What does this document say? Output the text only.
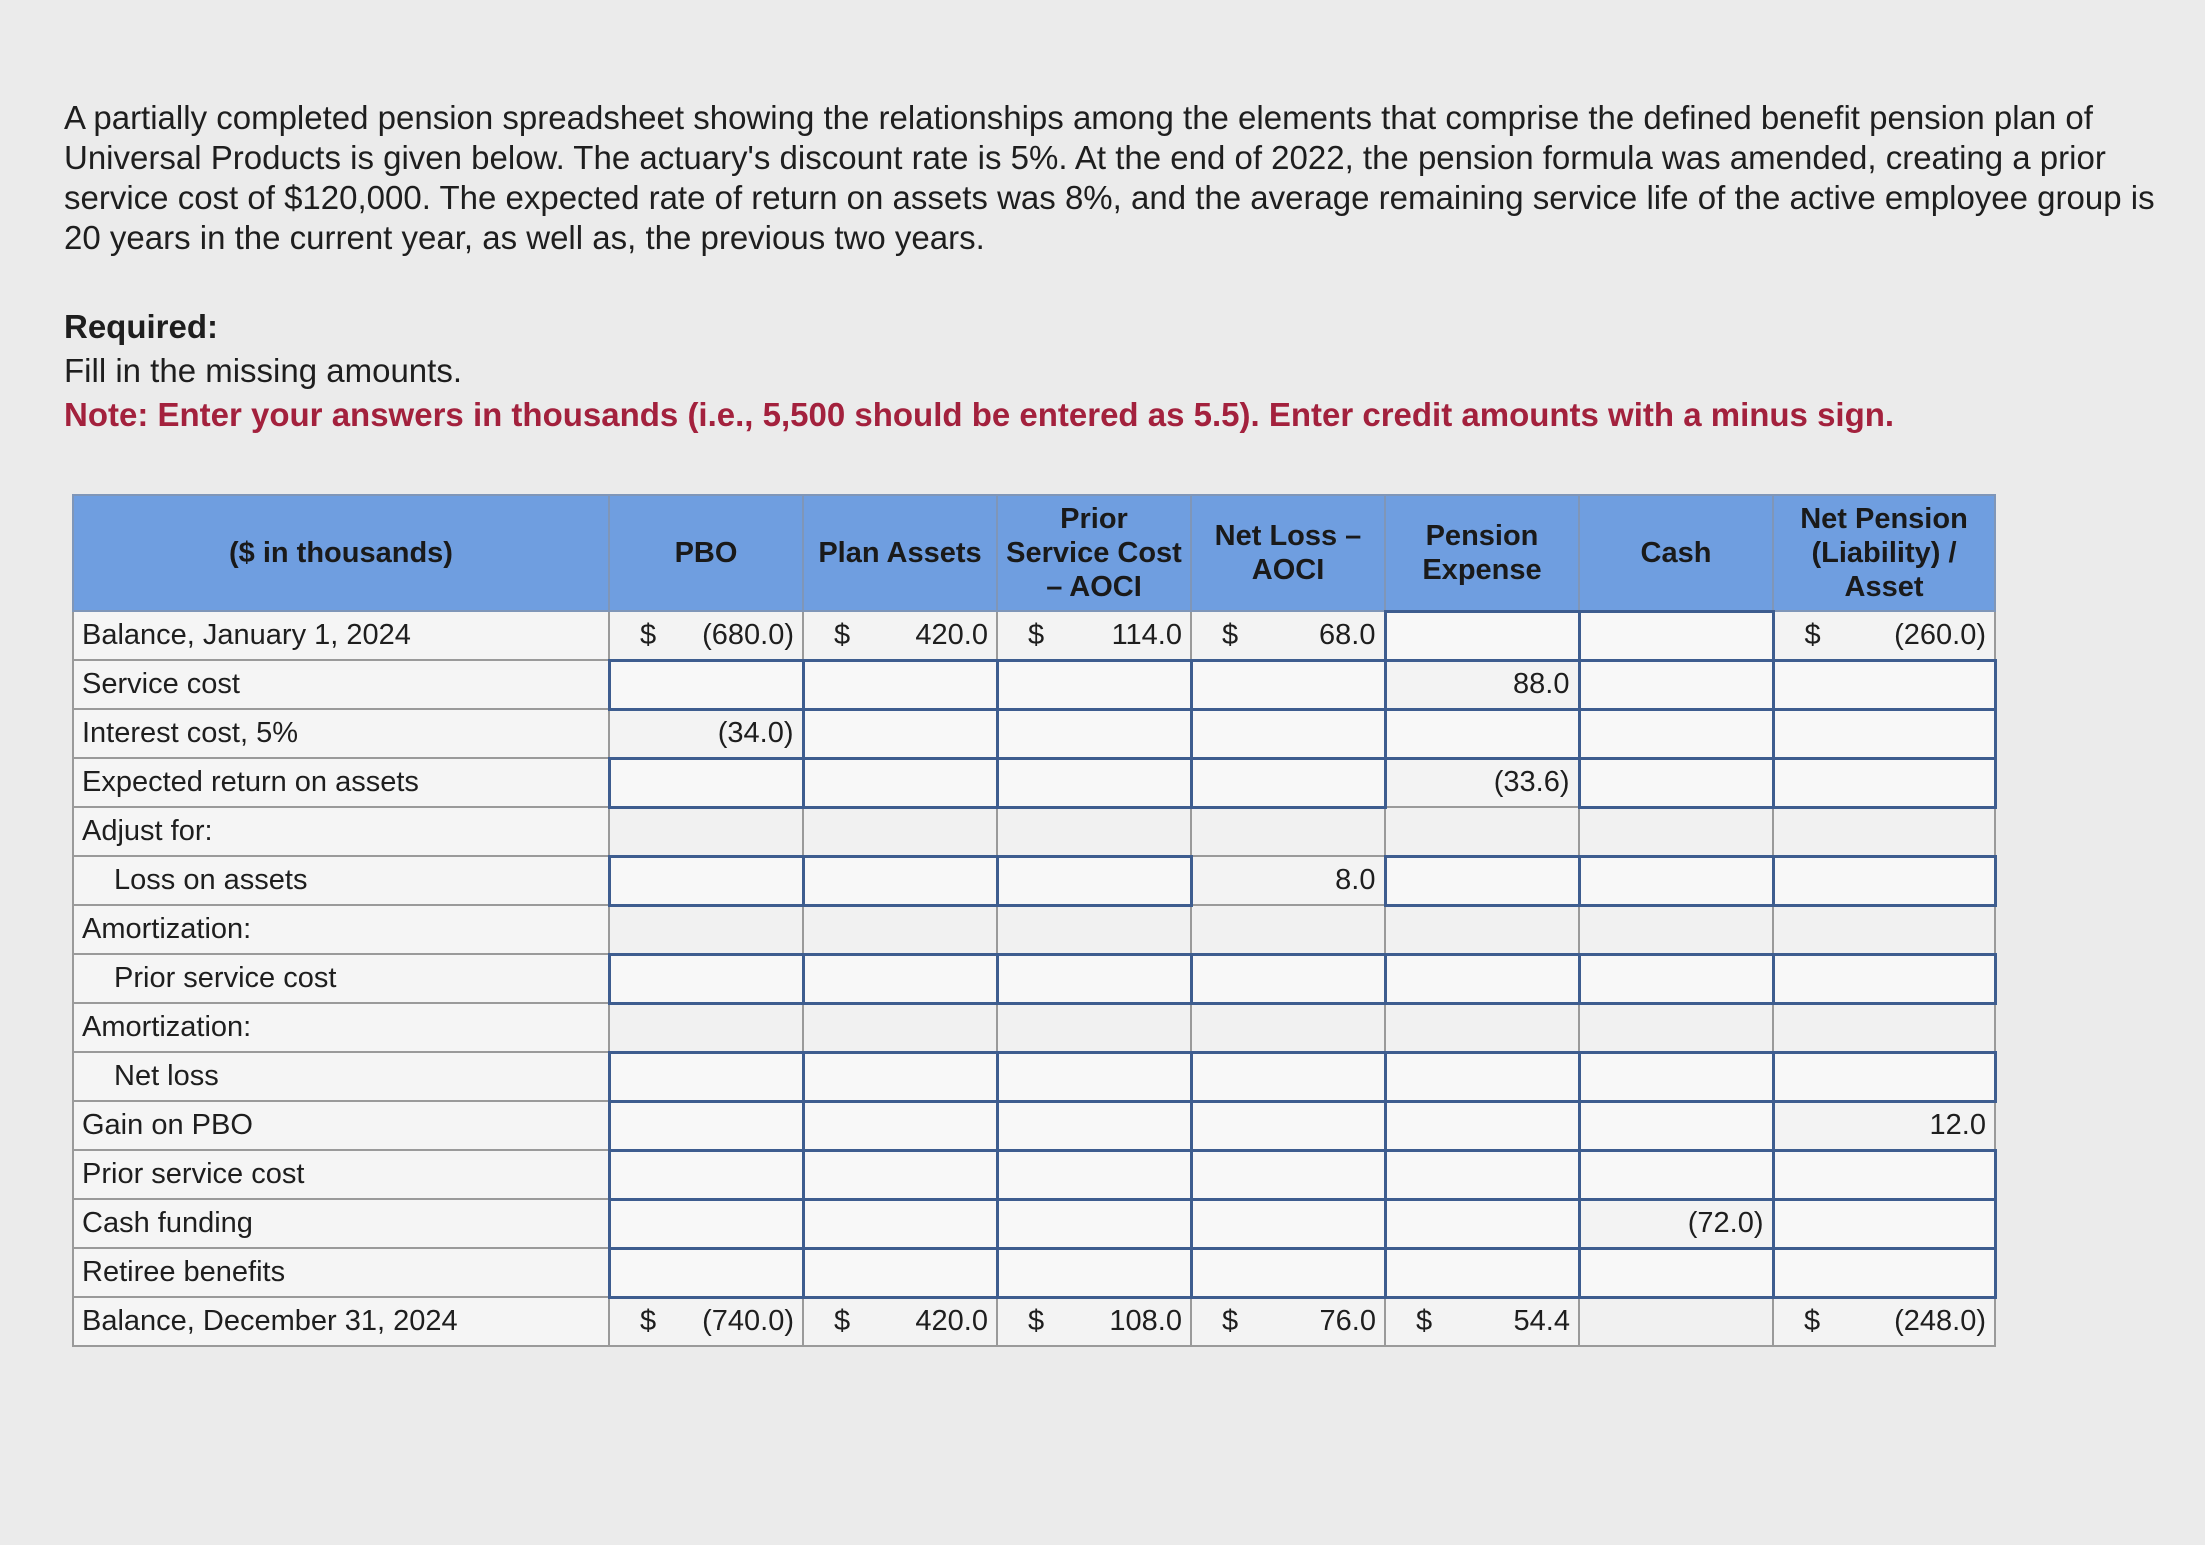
A partially completed pension spreadsheet showing the relationships among the elements that comprise the defined benefit pension plan of Universal Products is given below. The actuary's discount rate is 5%. At the end of 2022, the pension formula was amended, creating a prior service cost of $120,000. The expected rate of return on assets was 8%, and the average remaining service life of the active employee group is 20 years in the current year, as well as, the previous two years.

Required:

Fill in the missing amounts.

Note: Enter your answers in thousands (i.e., 5,500 should be entered as 5.5). Enter credit amounts with a minus sign.

($ in thousands)	PBO	Plan Assets	Prior Service Cost – AOCI	Net Loss – AOCI	Pension Expense	Cash	Net Pension (Liability) / Asset
Balance, January 1, 2024	$ (680.0)	$ 420.0	$ 114.0	$ 68.0			$ (260.0)

Service cost					88.0		

Interest cost, 5%	(34.0)						

Expected return on assets					(33.6)		

Adjust for:							
Loss on assets				8.0			

Amortization:							
Prior service cost							
Amortization:							
Net loss							
Gain on PBO							12.0

Prior service cost							
Cash funding						(72.0)	

Retiree benefits							
Balance, December 31, 2024	$ (740.0)	$ 420.0	$ 108.0	$ 76.0	$ 54.4		$ (248.0)
